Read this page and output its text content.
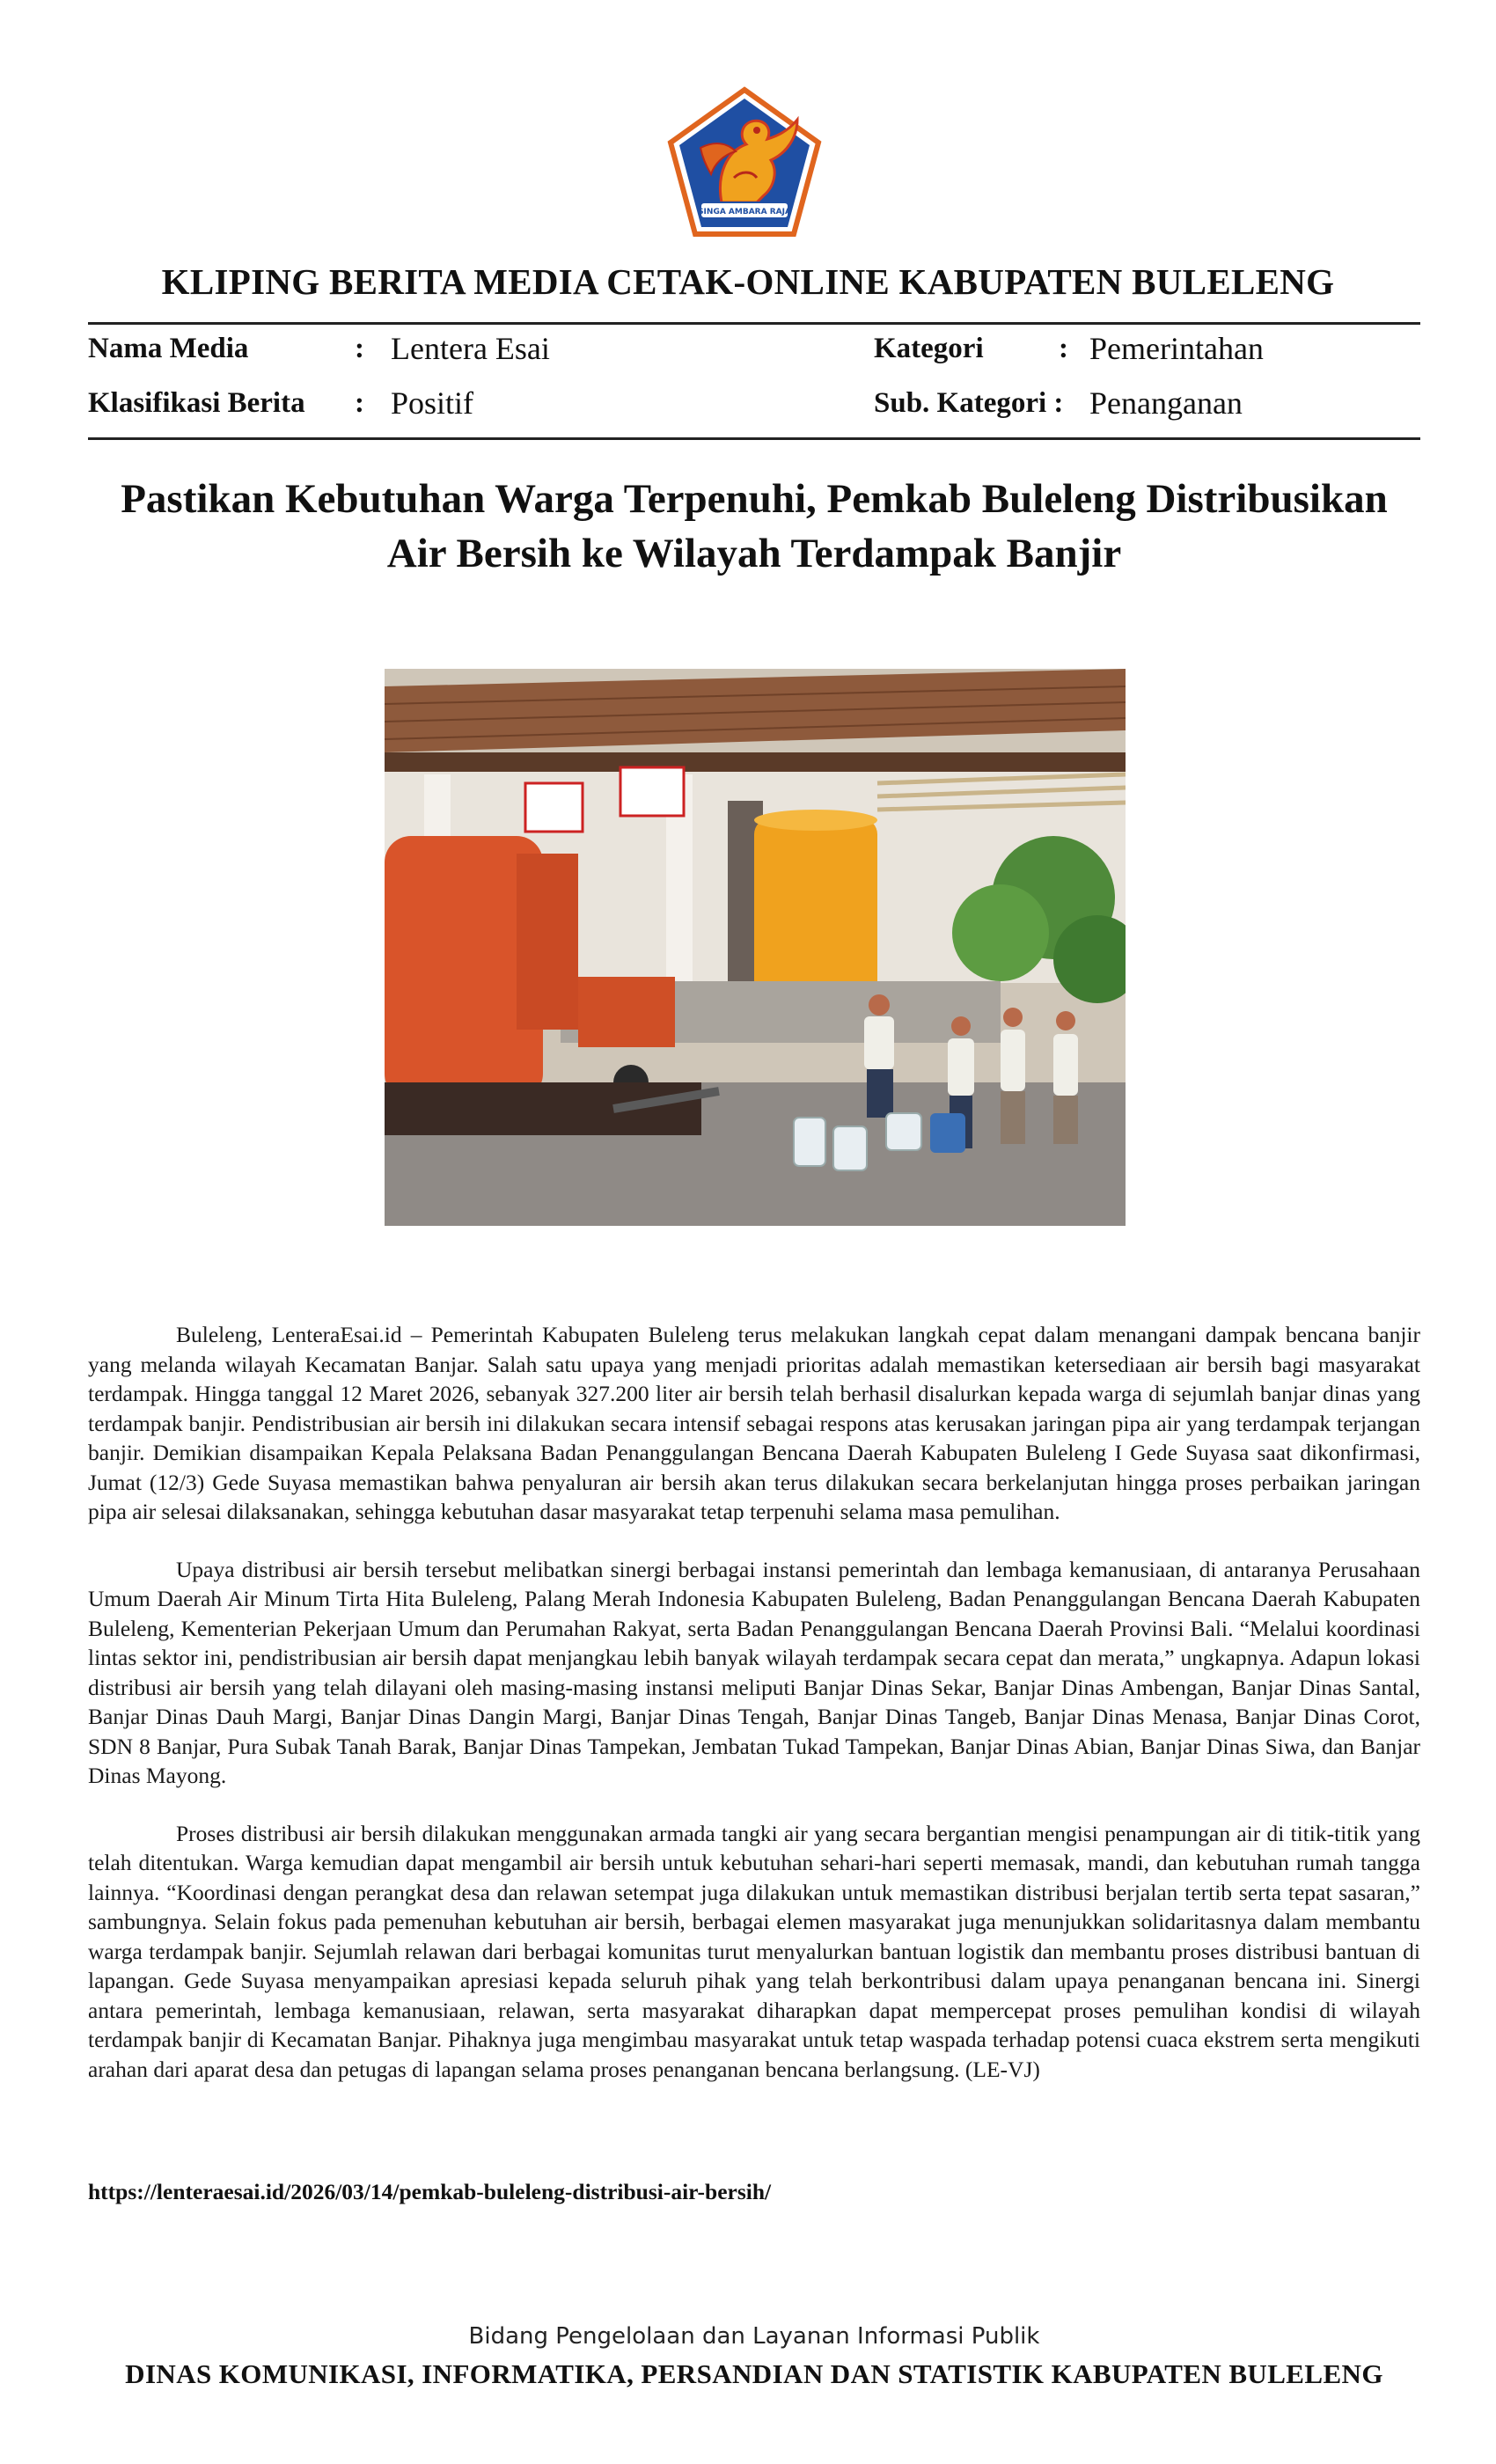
SINGA AMBARA RAJA
KLIPING BERITA MEDIA CETAK-ONLINE KABUPATEN BULELENG
Nama Media	: Lentera Esai	Kategori	: Pemerintahan
Klasifikasi Berita : Positif	Sub. Kategori : Penanganan
Pastikan Kebutuhan Warga Terpenuhi, Pemkab Buleleng Distribusikan
Air Bersih ke Wilayah Terdampak Banjir

Buleleng, LenteraEsai.id – Pemerintah Kabupaten Buleleng terus melakukan langkah cepat dalam menangani dampak bencana banjir yang melanda wilayah Kecamatan Banjar. Salah satu upaya yang menjadi prioritas adalah memastikan ketersediaan air bersih bagi masyarakat terdampak. Hingga tanggal 12 Maret 2026, sebanyak 327.200 liter air bersih telah berhasil disalurkan kepada warga di sejumlah banjar dinas yang terdampak banjir. Pendistribusian air bersih ini dilakukan secara intensif sebagai respons atas kerusakan jaringan pipa air yang terdampak terjangan banjir. Demikian disampaikan Kepala Pelaksana Badan Penanggulangan Bencana Daerah Kabupaten Buleleng I Gede Suyasa saat dikonfirmasi, Jumat (12/3) Gede Suyasa memastikan bahwa penyaluran air bersih akan terus dilakukan secara berkelanjutan hingga proses perbaikan jaringan pipa air selesai dilaksanakan, sehingga kebutuhan dasar masyarakat tetap terpenuhi selama masa pemulihan.

Upaya distribusi air bersih tersebut melibatkan sinergi berbagai instansi pemerintah dan lembaga kemanusiaan, di antaranya Perusahaan Umum Daerah Air Minum Tirta Hita Buleleng, Palang Merah Indonesia Kabupaten Buleleng, Badan Penanggulangan Bencana Daerah Kabupaten Buleleng, Kementerian Pekerjaan Umum dan Perumahan Rakyat, serta Badan Penanggulangan Bencana Daerah Provinsi Bali. “Melalui koordinasi lintas sektor ini, pendistribusian air bersih dapat menjangkau lebih banyak wilayah terdampak secara cepat dan merata,” ungkapnya. Adapun lokasi distribusi air bersih yang telah dilayani oleh masing-masing instansi meliputi Banjar Dinas Sekar, Banjar Dinas Ambengan, Banjar Dinas Santal, Banjar Dinas Dauh Margi, Banjar Dinas Dangin Margi, Banjar Dinas Tengah, Banjar Dinas Tangeb, Banjar Dinas Menasa, Banjar Dinas Corot, SDN 8 Banjar, Pura Subak Tanah Barak, Banjar Dinas Tampekan, Jembatan Tukad Tampekan, Banjar Dinas Abian, Banjar Dinas Siwa, dan Banjar Dinas Mayong.

Proses distribusi air bersih dilakukan menggunakan armada tangki air yang secara bergantian mengisi penampungan air di titik-titik yang telah ditentukan. Warga kemudian dapat mengambil air bersih untuk kebutuhan sehari-hari seperti memasak, mandi, dan kebutuhan rumah tangga lainnya. “Koordinasi dengan perangkat desa dan relawan setempat juga dilakukan untuk memastikan distribusi berjalan tertib serta tepat sasaran,” sambungnya. Selain fokus pada pemenuhan kebutuhan air bersih, berbagai elemen masyarakat juga menunjukkan solidaritasnya dalam membantu warga terdampak banjir. Sejumlah relawan dari berbagai komunitas turut menyalurkan bantuan logistik dan membantu proses distribusi bantuan di lapangan. Gede Suyasa menyampaikan apresiasi kepada seluruh pihak yang telah berkontribusi dalam upaya penanganan bencana ini. Sinergi antara pemerintah, lembaga kemanusiaan, relawan, serta masyarakat diharapkan dapat mempercepat proses pemulihan kondisi di wilayah terdampak banjir di Kecamatan Banjar. Pihaknya juga mengimbau masyarakat untuk tetap waspada terhadap potensi cuaca ekstrem serta mengikuti arahan dari aparat desa dan petugas di lapangan selama proses penanganan bencana berlangsung. (LE-VJ)

https://lenteraesai.id/2026/03/14/pemkab-buleleng-distribusi-air-bersih/
Bidang Pengelolaan dan Layanan Informasi Publik
DINAS KOMUNIKASI, INFORMATIKA, PERSANDIAN DAN STATISTIK KABUPATEN BULELENG
